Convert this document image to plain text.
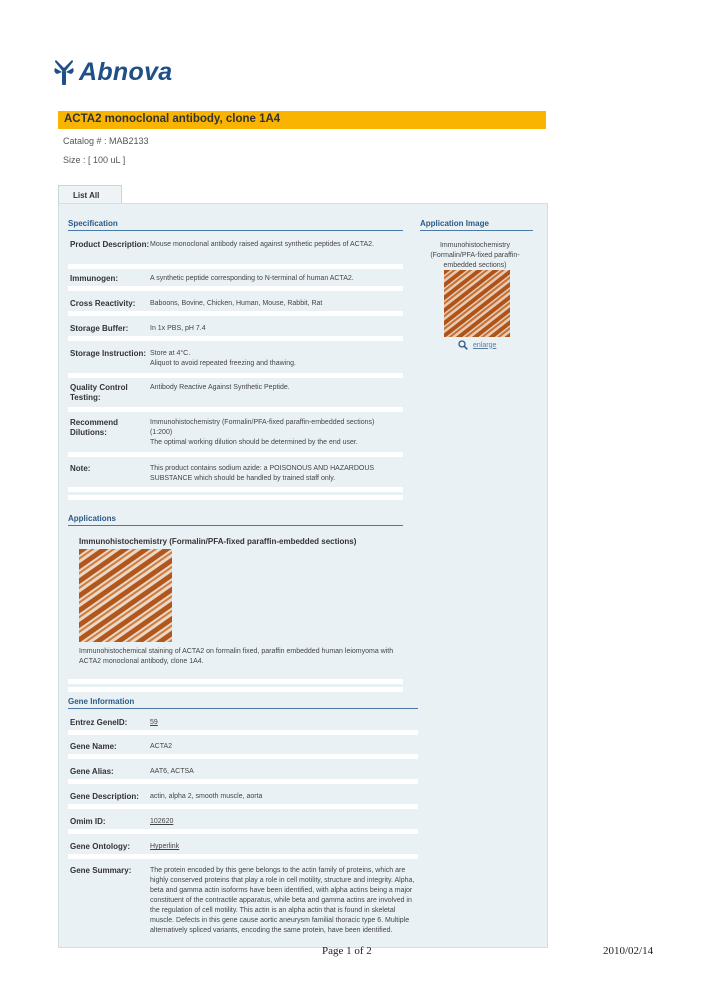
Abnova
ACTA2 monoclonal antibody, clone 1A4
Catalog # : MAB2133
Size : [ 100 uL ]
List All
Specification
Product Description: Mouse monoclonal antibody raised against synthetic peptides of ACTA2.
Immunogen:	A synthetic peptide corresponding to N-terminal of human ACTA2.
Cross Reactivity:	Baboons, Bovine, Chicken, Human, Mouse, Rabbit, Rat
Storage Buffer:	In 1x PBS, pH 7.4
Storage Instruction: Store at 4°C.
Aliquot to avoid repeated freezing and thawing.
Quality Control Testing:
Antibody Reactive Against Synthetic Peptide.
Recommend Dilutions:
Immunohistochemistry (Formalin/PFA-fixed paraffin-embedded sections)
(1:200)
The optimal working dilution should be determined by the end user.
Note:	This product contains sodium azide: a POISONOUS AND HAZARDOUS SUBSTANCE which should be handled by trained staff only.
Application Image
Immunohistochemistry (Formalin/PFA-fixed paraffin-embedded sections)
enlarge
Applications
Immunohistochemistry (Formalin/PFA-fixed paraffin-embedded sections)
Immunohistochemical staining of ACTA2 on formalin fixed, paraffin embedded human leiomyoma with ACTA2 monoclonal antibody, clone 1A4.
Gene Information
Entrez GeneID:	59
Gene Name:	ACTA2
Gene Alias:	AAT6, ACTSA
Gene Description:	actin, alpha 2, smooth muscle, aorta
Omim ID:	102620
Gene Ontology:	Hyperlink
Gene Summary:	The protein encoded by this gene belongs to the actin family of proteins, which are highly conserved proteins that play a role in cell motility, structure and integrity. Alpha, beta and gamma actin isoforms have been identified, with alpha actins being a major constituent of the contractile apparatus, while beta and gamma actins are involved in the regulation of cell motility. This actin is an alpha actin that is found in skeletal muscle. Defects in this gene cause aortic aneurysm familial thoracic type 6. Multiple alternatively spliced variants, encoding the same protein, have been identified.
Page 1 of 2	2010/02/14
